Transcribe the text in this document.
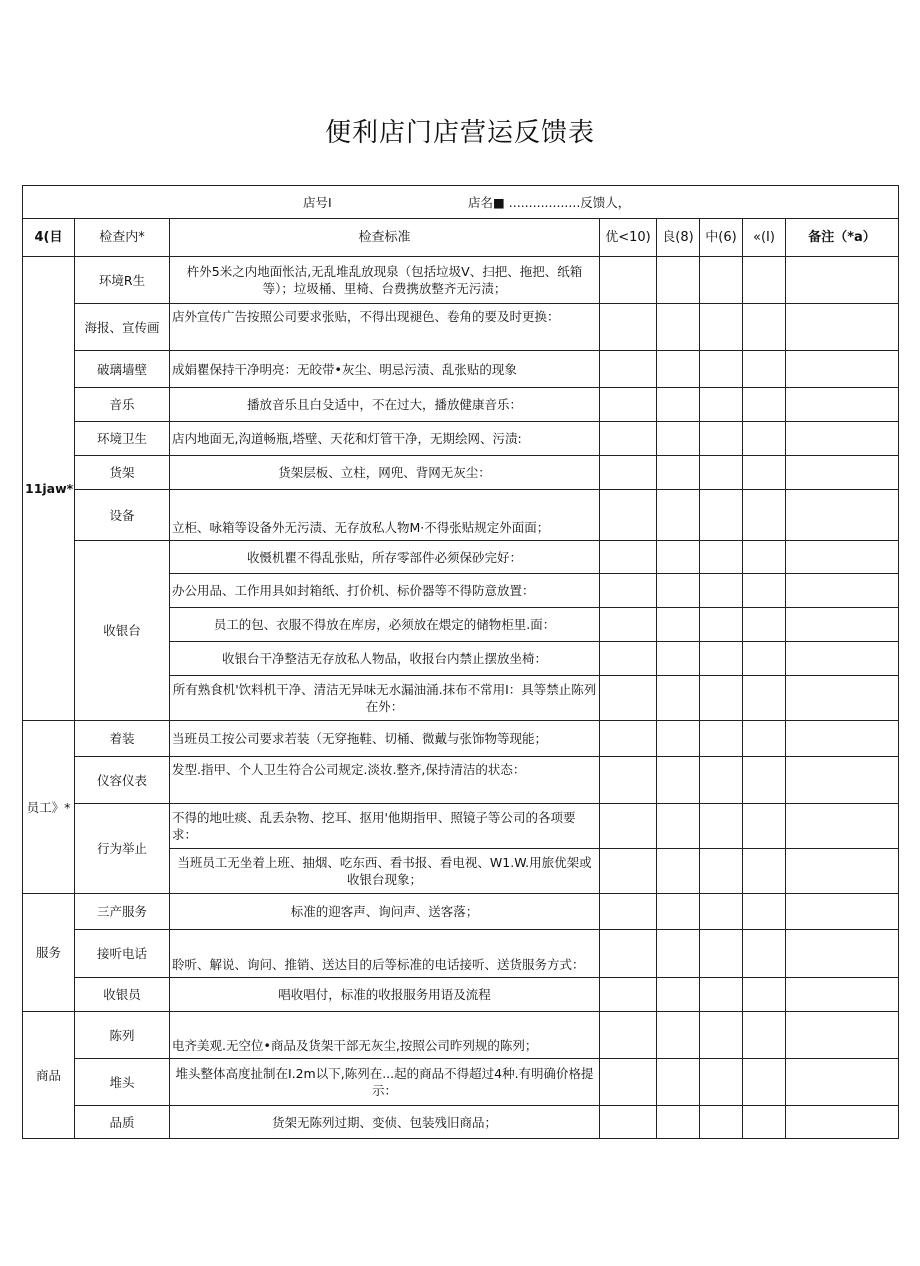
便利店门店营运反馈表
店号I 店名■ ..................反馈人，							
4(目	检查内*	检查标准	优<10)	良(8)	中(6)	«(I)	备注（*a）
11jaw*	环境R生	杵外5米之内地面怅沽,无乱堆乱放现泉（包括垃圾V、扫把、拖把、纸箱等）；垃圾桶、里椅、台费携放整齐无污渍；					
	海报、宣传画	店外宣传广告按照公司要求张贴，不得出现褪色、卷角的要及时更换：					
	破璃墙壁	成娟瞿保持干净明亮：无皎带•灰尘、明忌污渍、乱张贴的现象					
	音乐	播放音乐且白殳适中，不在过大，播放健康音乐：					
	环境卫生	店内地面无,沟道畅瓶,塔壁、天花和灯管干净，无期绘网、污渍:					
	货架	货架层板、立柱，网兜、背网无灰尘：					
	设备	立柜、咏箱等设备外无污渍、无存放私人物M·不得张贴规定外面面；					
	收银台	收慑机瞿不得乱张贴，所存零部件必须保砂完好：					
		办公用品、工作用具如封箱纸、打价机、标价器等不得防意放置：					
		员工的包、衣服不得放在库房，必须放在煨定的储物柜里.面：					
		收银台干净整洁无存放私人物品，收报台内禁止摆放坐椅：					
		所有熟食机'饮料机干净、清洁无异味无水漏油涌.抹布不常用I：具等禁止陈列在外：					
员工》*	着装	当班员工按公司要求若装（无穿拖鞋、切桶、微戴与张饰物等现能；					
	仪容仪表	发型.指甲、个人卫生符合公司规定.淡妆.整齐,保持清洁的状态：					
	行为举止	不得的地吐痰、乱丢杂物、挖耳、抠用'他期指甲、照镜子等公司的各项要求：					
		当班员工无坐着上班、抽烟、吃东西、看书报、看电视、W1.W.用旅优架或收银台现象；					
服务	三产服务	标准的迎客声、询问声、送客落；					
	接听电话	聆听、解说、询问、推销、送达目的后等标准的电话接听、送货服务方式：					
	收银员	唱收唱付，标准的收报服务用语及流程					
商品	陈列	电齐美观.无空位•商品及货架干部无灰尘,按照公司昨列规的陈列；					
	堆头	堆头整体高度扯制在I.2m以下,陈列在...起的商品不得超过4种.有明确价格提示：					
	品质	货架无陈列过期、变侦、包装残旧商品；					
